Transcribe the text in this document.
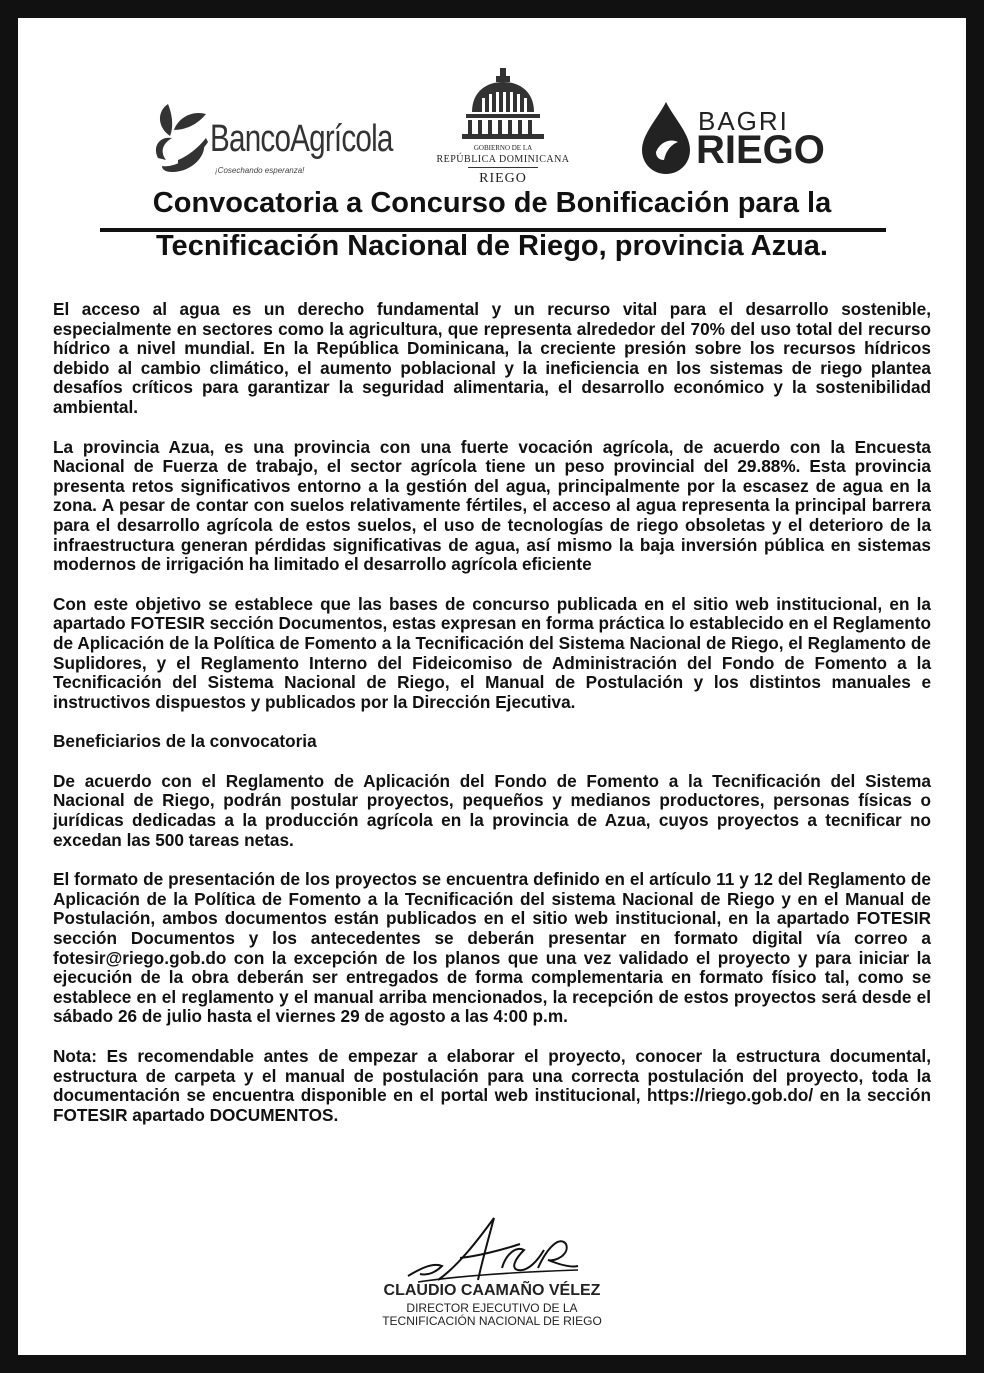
BancoAgrícola
¡Cosechando esperanza!
GOBIERNO DE LA
REPÚBLICA DOMINICANA
RIEGO
BAGRI
RIEGO
Convocatoria a Concurso de Bonificación para la
Tecnificación Nacional de Riego, provincia Azua.

El acceso al agua es un derecho fundamental y un recurso vital para el desarrollo sostenible, especialmente en sectores como la agricultura, que representa alrededor del 70% del uso total del recurso hídrico a nivel mundial. En la República Dominicana, la creciente presión sobre los recursos hídricos debido al cambio climático, el aumento poblacional y la ineficiencia en los sistemas de riego plantea desafíos críticos para garantizar la seguridad alimentaria, el desarrollo económico y la sostenibilidad ambiental.

La provincia Azua, es una provincia con una fuerte vocación agrícola, de acuerdo con la Encuesta Nacional de Fuerza de trabajo, el sector agrícola tiene un peso provincial del 29.88%. Esta provincia presenta retos significativos entorno a la gestión del agua, principalmente por la escasez de agua en la zona. A pesar de contar con suelos relativamente fértiles, el acceso al agua representa la principal barrera para el desarrollo agrícola de estos suelos, el uso de tecnologías de riego obsoletas y el deterioro de la infraestructura generan pérdidas significativas de agua, así mismo la baja inversión pública en sistemas modernos de irrigación ha limitado el desarrollo agrícola eficiente

Con este objetivo se establece que las bases de concurso publicada en el sitio web institucional, en la apartado FOTESIR sección Documentos, estas expresan en forma práctica lo establecido en el Reglamento de Aplicación de la Política de Fomento a la Tecnificación del Sistema Nacional de Riego, el Reglamento de Suplidores, y el Reglamento Interno del Fideicomiso de Administración del Fondo de Fomento a la Tecnificación del Sistema Nacional de Riego, el Manual de Postulación y los distintos manuales e instructivos dispuestos y publicados por la Dirección Ejecutiva.

Beneficiarios de la convocatoria

De acuerdo con el Reglamento de Aplicación del Fondo de Fomento a la Tecnificación del Sistema Nacional de Riego, podrán postular proyectos, pequeños y medianos productores, personas físicas o jurídicas dedicadas a la producción agrícola en la provincia de Azua, cuyos proyectos a tecnificar no excedan las 500 tareas netas.

El formato de presentación de los proyectos se encuentra definido en el artículo 11 y 12 del Reglamento de Aplicación de la Política de Fomento a la Tecnificación del sistema Nacional de Riego y en el Manual de Postulación, ambos documentos están publicados en el sitio web institucional, en la apartado FOTESIR sección Documentos y los antecedentes se deberán presentar en formato digital vía correo a fotesir@riego.gob.do con la excepción de los planos que una vez validado el proyecto y para iniciar la ejecución de la obra deberán ser entregados de forma complementaria en formato físico tal, como se establece en el reglamento y el manual arriba mencionados, la recepción de estos proyectos será desde el sábado 26 de julio hasta el viernes 29 de agosto a las 4:00 p.m.

Nota: Es recomendable antes de empezar a elaborar el proyecto, conocer la estructura documental, estructura de carpeta y el manual de postulación para una correcta postulación del proyecto, toda la documentación se encuentra disponible en el portal web institucional, https://riego.gob.do/ en la sección FOTESIR apartado DOCUMENTOS.

CLAUDIO CAAMAÑO VÉLEZ
DIRECTOR EJECUTIVO DE LA
TECNIFICACIÓN NACIONAL DE RIEGO
